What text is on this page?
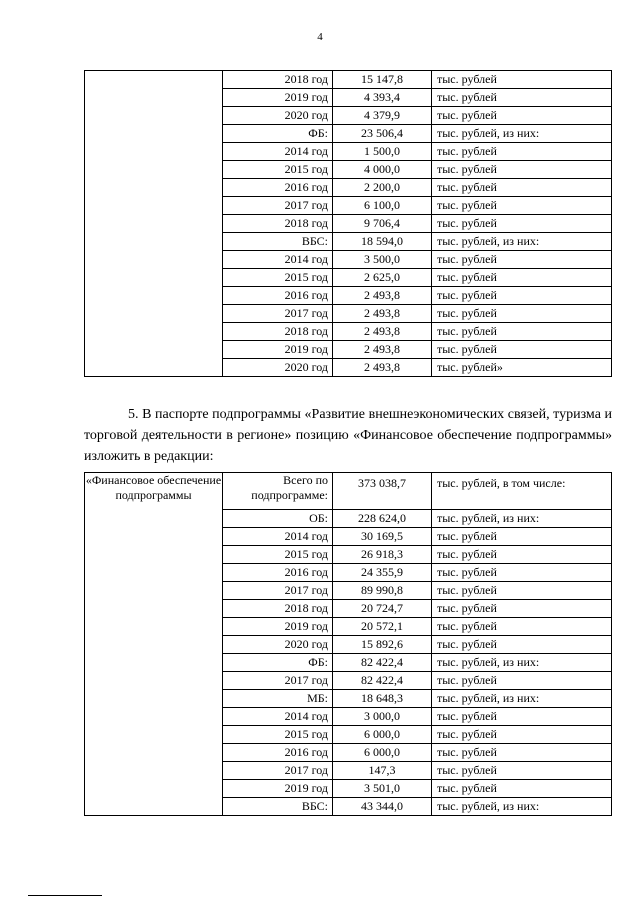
4
	2018 год	15 147,8	тыс. рублей
	2019 год	4 393,4	тыс. рублей
	2020 год	4 379,9	тыс. рублей
	ФБ:	23 506,4	тыс. рублей, из них:
	2014 год	1 500,0	тыс. рублей
	2015 год	4 000,0	тыс. рублей
	2016 год	2 200,0	тыс. рублей
	2017 год	6 100,0	тыс. рублей
	2018 год	9 706,4	тыс. рублей
	ВБС:	18 594,0	тыс. рублей, из них:
	2014 год	3 500,0	тыс. рублей
	2015 год	2 625,0	тыс. рублей
	2016 год	2 493,8	тыс. рублей
	2017 год	2 493,8	тыс. рублей
	2018 год	2 493,8	тыс. рублей
	2019 год	2 493,8	тыс. рублей
	2020 год	2 493,8	тыс. рублей»
5. В паспорте подпрограммы «Развитие внешнеэкономических связей, туризма и торговой деятельности в регионе» позицию «Финансовое обеспечение подпрограммы» изложить в редакции:
«Финансовое обеспечение подпрограммы	Всего по подпрограмме:	373 038,7	тыс. рублей, в том числе:
	ОБ:	228 624,0	тыс. рублей, из них:
	2014 год	30 169,5	тыс. рублей
	2015 год	26 918,3	тыс. рублей
	2016 год	24 355,9	тыс. рублей
	2017 год	89 990,8	тыс. рублей
	2018 год	20 724,7	тыс. рублей
	2019 год	20 572,1	тыс. рублей
	2020 год	15 892,6	тыс. рублей
	ФБ:	82 422,4	тыс. рублей, из них:
	2017 год	82 422,4	тыс. рублей
	МБ:	18 648,3	тыс. рублей, из них:
	2014 год	3 000,0	тыс. рублей
	2015 год	6 000,0	тыс. рублей
	2016 год	6 000,0	тыс. рублей
	2017 год	147,3	тыс. рублей
	2019 год	3 501,0	тыс. рублей
	ВБС:	43 344,0	тыс. рублей, из них:
